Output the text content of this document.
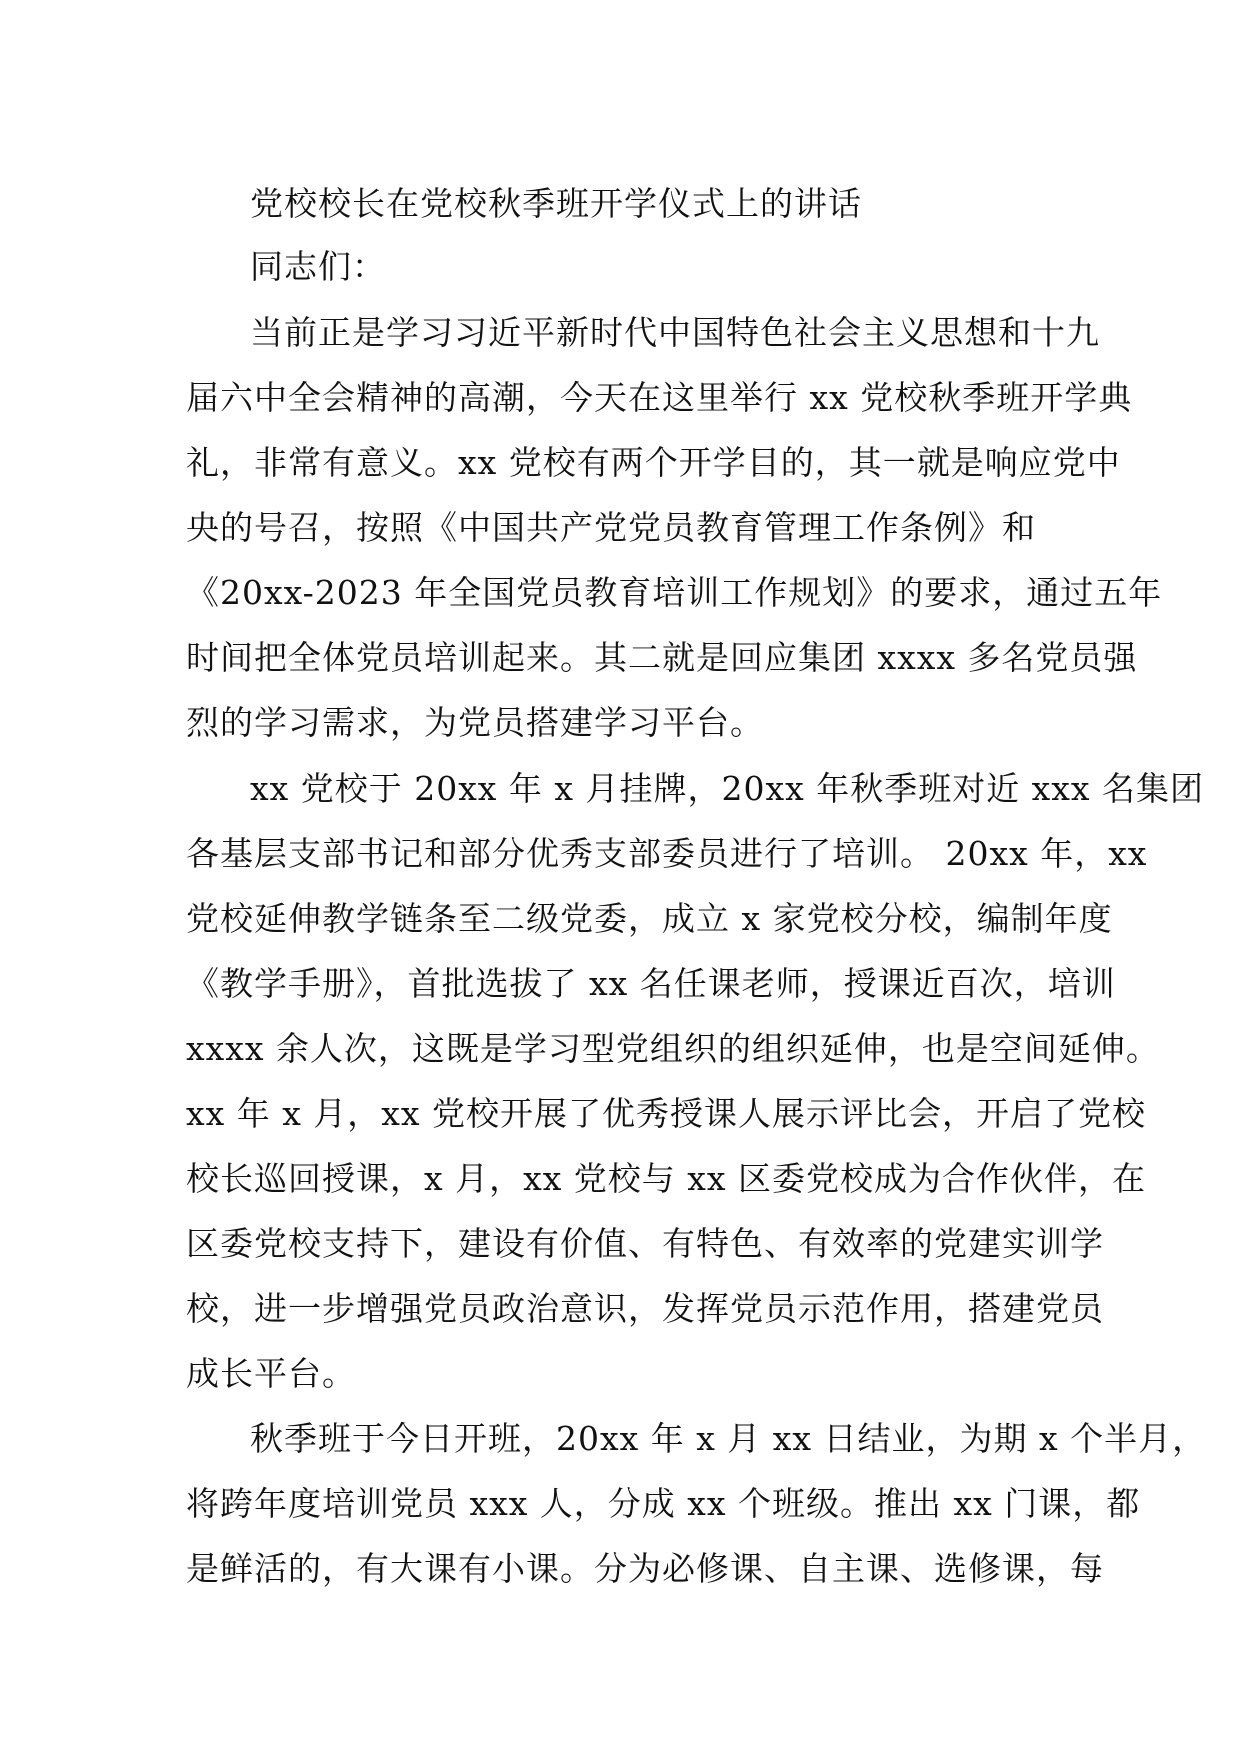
党校校长在党校秋季班开学仪式上的讲话
同志们：
当前正是学习习近平新时代中国特色社会主义思想和十九
届六中全会精神的高潮，今天在这里举行 xx 党校秋季班开学典
礼，非常有意义。xx 党校有两个开学目的，其一就是响应党中
央的号召，按照《中国共产党党员教育管理工作条例》和
《20xx-2023 年全国党员教育培训工作规划》的要求，通过五年
时间把全体党员培训起来。其二就是回应集团 xxxx 多名党员强
烈的学习需求，为党员搭建学习平台。
xx 党校于 20xx 年 x 月挂牌，20xx 年秋季班对近 xxx 名集团
各基层支部书记和部分优秀支部委员进行了培训。 20xx 年，xx
党校延伸教学链条至二级党委，成立 x 家党校分校，编制年度
《教学手册》，首批选拔了 xx 名任课老师，授课近百次，培训
xxxx 余人次，这既是学习型党组织的组织延伸，也是空间延伸。
xx 年 x 月，xx 党校开展了优秀授课人展示评比会，开启了党校
校长巡回授课，x 月，xx 党校与 xx 区委党校成为合作伙伴，在
区委党校支持下，建设有价值、有特色、有效率的党建实训学
校，进一步增强党员政治意识，发挥党员示范作用，搭建党员
成长平台。
秋季班于今日开班，20xx 年 x 月 xx 日结业，为期 x 个半月，
将跨年度培训党员 xxx 人，分成 xx 个班级。推出 xx 门课，都
是鲜活的，有大课有小课。分为必修课、自主课、选修课，每
